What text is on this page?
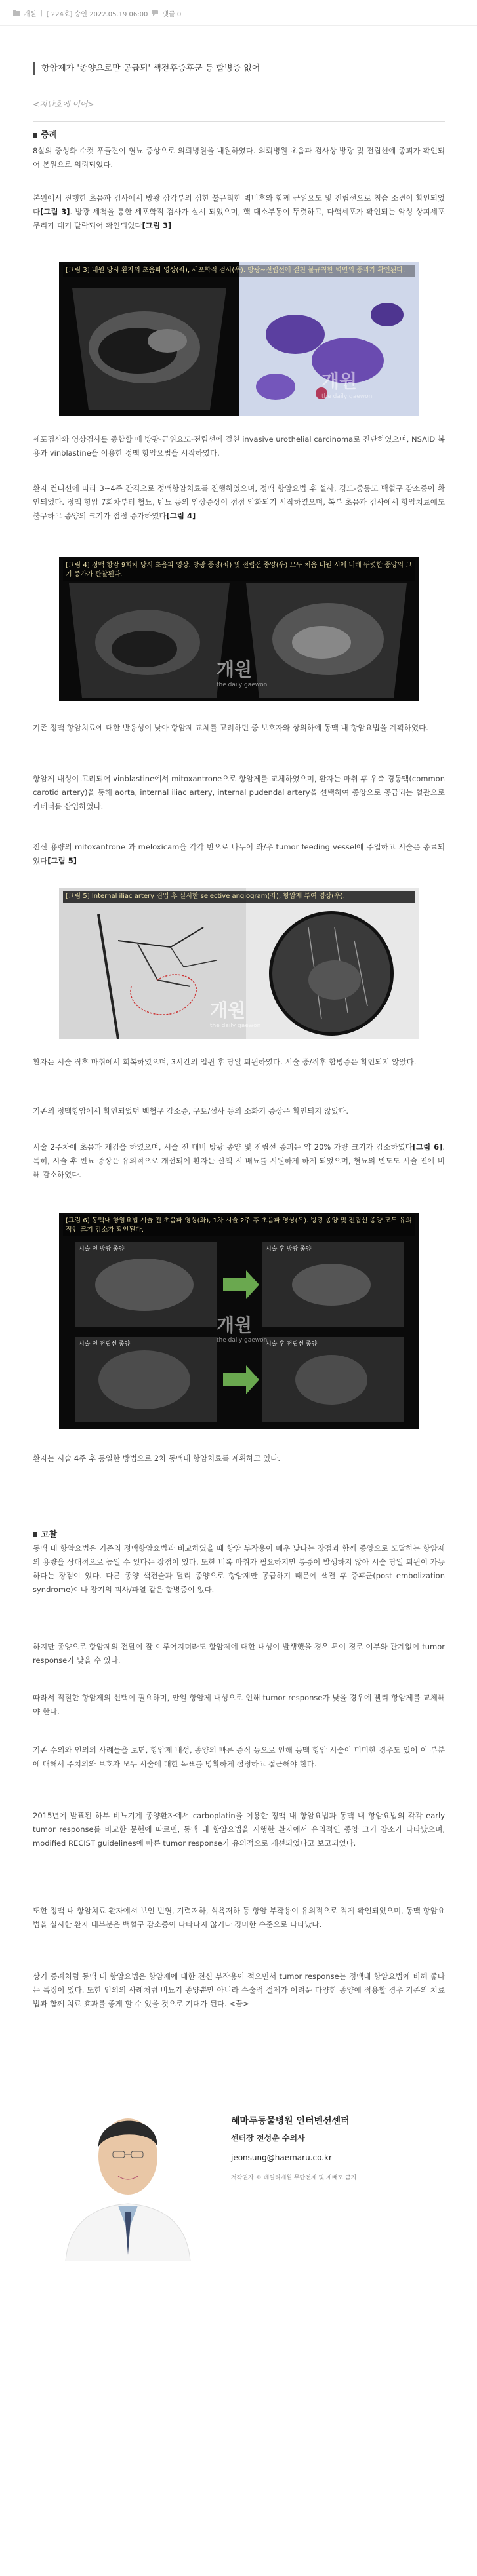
개원 | [ 224호] 승인 2022.05.19 06:00 댓글 0
항암제가 '종양으로만 공급되' 색전후증후군 등 합병증 없어
<지난호에 이어>
증례

8살의 중성화 수컷 푸들견이 혈뇨 증상으로 의뢰병원을 내원하였다. 의뢰병원 초음파 검사상 방광 및 전립선에 종괴가 확인되어 본원으로 의뢰되었다.

본원에서 진행한 초음파 검사에서 방광 삼각부의 심한 불규칙한 벽비후와 함께 근위요도 및 전립선으로 침습 소견이 확인되었다[그림 3]. 방광 세척을 통한 세포학적 검사가 실시 되었으며, 핵 대소부동이 뚜렷하고, 다핵세포가 확인되는 악성 상피세포 무리가 대거 탈락되어 확인되었다[그림 3]

[그림 3] 내원 당시 환자의 초음파 영상(좌), 세포학적 검사(우). 방광~전립선에 걸친 불규칙한 벽면의 종괴가 확인된다.
개원
the daily gaewon

세포검사와 영상검사를 종합할 때 방광-근위요도-전립선에 걸친 invasive urothelial carcinoma로 진단하였으며, NSAID 복용과 vinblastine을 이용한 정맥 항암요법을 시작하였다.

환자 컨디션에 따라 3~4주 간격으로 정맥항암치료를 진행하였으며, 정맥 항암요법 후 설사, 경도-중등도 백혈구 감소증이 확인되었다. 정맥 항암 7회차부터 혈뇨, 빈뇨 등의 임상증상이 점점 악화되기 시작하였으며, 복부 초음파 검사에서 항암치료에도 불구하고 종양의 크기가 점점 증가하였다[그림 4]

[그림 4] 정맥 항암 9회차 당시 초음파 영상. 방광 종양(좌) 및 전립선 종양(우) 모두 처음 내원 시에 비해 뚜렷한 종양의 크기 증가가 관찰된다.
개원
the daily gaewon

기존 정맥 항암치료에 대한 반응성이 낮아 항암제 교체를 고려하던 중 보호자와 상의하에 동맥 내 항암요법을 계획하였다.

항암제 내성이 고려되어 vinblastine에서 mitoxantrone으로 항암제를 교체하였으며, 환자는 마취 후 우측 경동맥(common carotid artery)을 통해 aorta, internal iliac artery, internal pudendal artery을 선택하여 종양으로 공급되는 혈관으로 카테터를 삽입하였다.

전신 용량의 mitoxantrone 과 meloxicam을 각각 반으로 나누어 좌/우 tumor feeding vessel에 주입하고 시술은 종료되었다[그림 5]

[그림 5] Internal iliac artery 진입 후 실시한 selective angiogram(좌), 항암제 투여 영상(우).
개원
the daily gaewon

환자는 시술 직후 마취에서 회복하였으며, 3시간의 입원 후 당일 퇴원하였다. 시술 중/직후 합병증은 확인되지 않았다.

기존의 정맥항암에서 확인되었던 백혈구 감소증, 구토/설사 등의 소화기 증상은 확인되지 않았다.

시술 2주차에 초음파 재검을 하였으며, 시술 전 대비 방광 종양 및 전립선 종괴는 약 20% 가량 크기가 감소하였다[그림 6]. 특히, 시술 후 빈뇨 증상은 유의적으로 개선되어 환자는 산책 시 배뇨를 시원하게 하게 되었으며, 혈뇨의 빈도도 시술 전에 비해 감소하였다.

[그림 6] 동맥내 항암요법 시술 전 초음파 영상(좌), 1차 시술 2주 후 초음파 영상(우). 방광 종양 및 전립선 종양 모두 유의적인 크기 감소가 확인된다.
시술 전 방광 종양	시술 후 방광 종양
시술 전 전립선 종양	시술 후 전립선 종양
개원
the daily gaewon

환자는 시술 4주 후 동일한 방법으로 2차 동맥내 항암치료를 계획하고 있다.

고찰

동맥 내 항암요법은 기존의 정맥항암요법과 비교하였을 때 항암 부작용이 매우 낮다는 장점과 함께 종양으로 도달하는 항암제의 용량을 상대적으로 높일 수 있다는 장점이 있다. 또한 비록 마취가 필요하지만 통증이 발생하지 않아 시술 당일 퇴원이 가능하다는 장점이 있다. 다른 종양 색전술과 달리 종양으로 항암제만 공급하기 때문에 색전 후 증후군(post embolization syndrome)이나 장기의 괴사/파열 같은 합병증이 없다.

하지만 종양으로 항암제의 전달이 잘 이루어지더라도 항암제에 대한 내성이 발생했을 경우 투여 경로 여부와 관계없이 tumor response가 낮을 수 있다.

따라서 적절한 항암제의 선택이 필요하며, 만일 항암제 내성으로 인해 tumor response가 낮을 경우에 빨리 항암제를 교체해야 한다.

기존 수의와 인의의 사례들을 보면, 항암제 내성, 종양의 빠른 증식 등으로 인해 동맥 항암 시술이 미미한 경우도 있어 이 부분에 대해서 주치의와 보호자 모두 시술에 대한 목표를 명확하게 설정하고 접근해야 한다.

2015년에 발표된 하부 비뇨기계 종양환자에서 carboplatin을 이용한 정맥 내 항암요법과 동맥 내 항암요법의 각각 early tumor response를 비교한 문헌에 따르면, 동맥 내 항암요법을 시행한 환자에서 유의적인 종양 크기 감소가 나타났으며, modified RECIST guidelines에 따른 tumor response가 유의적으로 개선되었다고 보고되었다.

또한 정맥 내 항암치료 환자에서 보인 빈혈, 기력저하, 식욕저하 등 항암 부작용이 유의적으로 적게 확인되었으며, 동맥 항암요법을 실시한 환자 대부분은 백혈구 감소증이 나타나지 않거나 경미한 수준으로 나타났다.

상기 증례처럼 동맥 내 항암요법은 항암제에 대한 전신 부작용이 적으면서 tumor response는 정맥내 항암요법에 비해 좋다는 특징이 있다. 또한 인의의 사례처럼 비뇨기 종양뿐만 아니라 수술적 절제가 어려운 다양한 종양에 적용할 경우 기존의 치료법과 함께 치료 효과를 좋게 할 수 있을 것으로 기대가 된다. <끝>

해마루동물병원 인터벤션센터
센터장 전성운 수의사
jeonsung@haemaru.co.kr
저작권자 © 데일리개원 무단전재 및 재배포 금지
